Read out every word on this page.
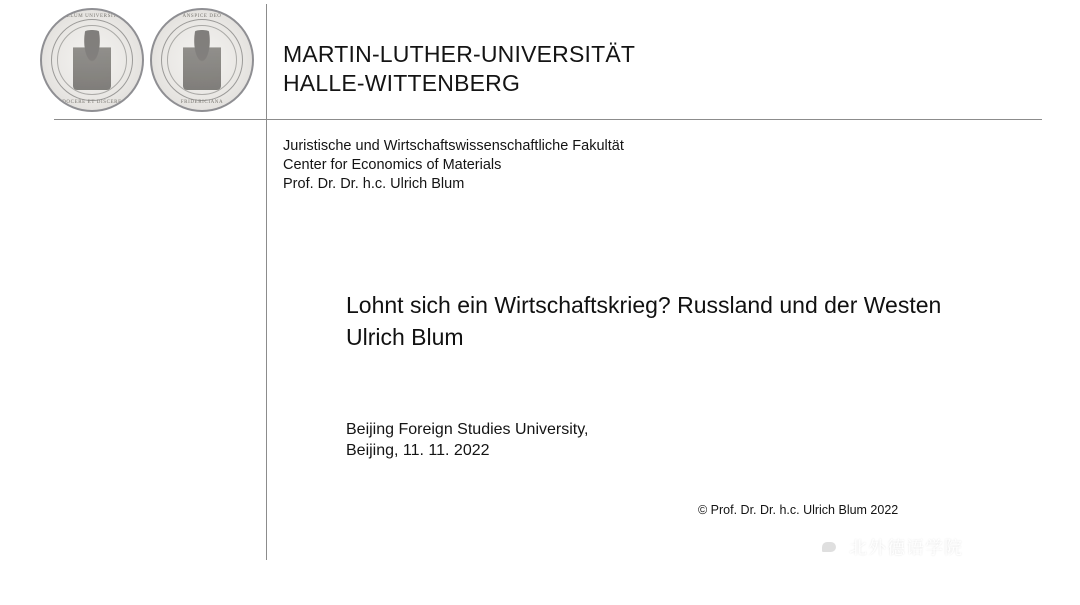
SIGILLUM UNIVERSITATIS
DOCERE ET DISCERE
ANSPICE DEO
FRIDERICIANA
MARTIN-LUTHER-UNIVERSITÄT
HALLE-WITTENBERG
Juristische und Wirtschaftswissenschaftliche Fakultät
Center for Economics of Materials
Prof. Dr. Dr. h.c. Ulrich Blum
Lohnt sich ein Wirtschaftskrieg? Russland und der Westen
Ulrich Blum
Beijing Foreign Studies University,
Beijing, 11. 11. 2022
© Prof. Dr. Dr. h.c. Ulrich Blum 2022
北外德语学院
